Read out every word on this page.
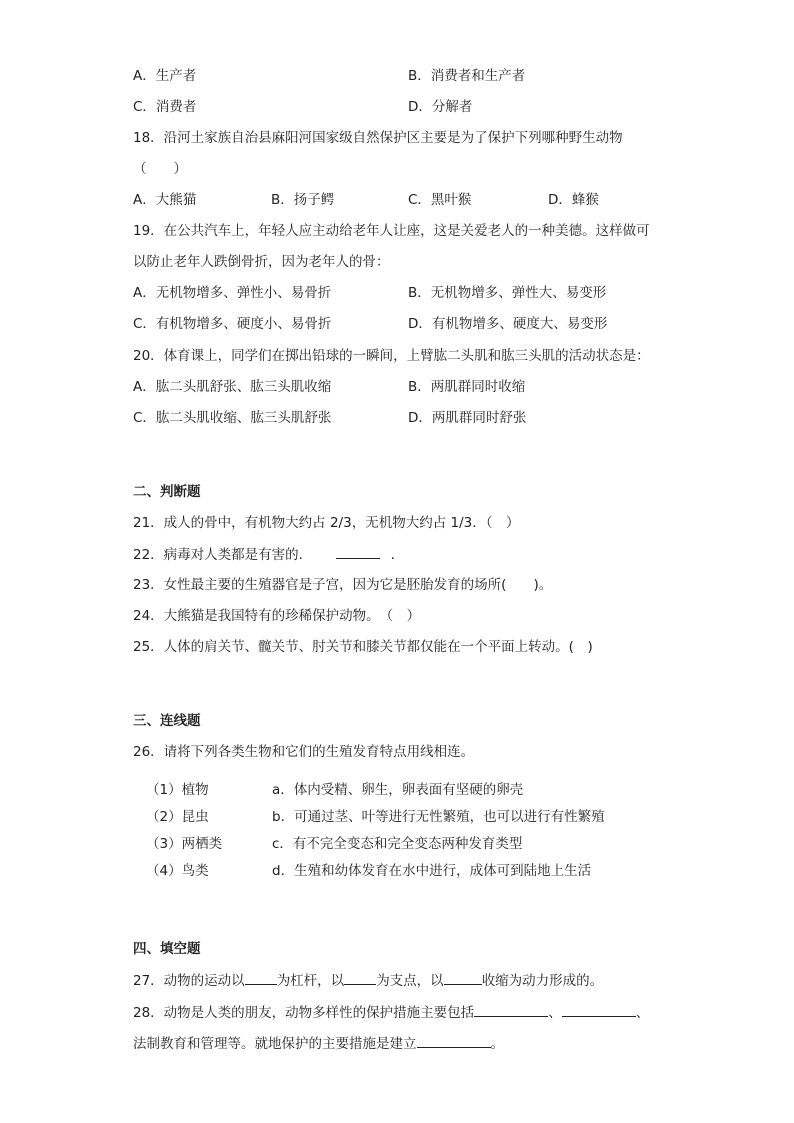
A．生产者	B．消费者和生产者
C．消费者	D．分解者
18．沿河土家族自治县麻阳河国家级自然保护区主要是为了保护下列哪种野生动物
（　　）
A．大熊猫	B．扬子鳄	C．黑叶猴	D．蜂猴
19．在公共汽车上，年轻人应主动给老年人让座，这是关爱老人的一种美德。这样做可
以防止老年人跌倒骨折，因为老年人的骨：
A．无机物增多、弹性小、易骨折	B．无机物增多、弹性大、易变形
C．有机物增多、硬度小、易骨折	D．有机物增多、硬度大、易变形
20．体育课上，同学们在掷出铅球的一瞬间，上臂肱二头肌和肱三头肌的活动状态是：
A．肱二头肌舒张、肱三头肌收缩	B．两肌群同时收缩
C．肱二头肌收缩、肱三头肌舒张	D．两肌群同时舒张
二、判断题
21．成人的骨中，有机物大约占 2/3，无机物大约占 1/3．（　）
22．病毒对人类都是有害的．	．
23．女性最主要的生殖器官是子宫，因为它是胚胎发育的场所(　　)。
24．大熊猫是我国特有的珍稀保护动物。　（　）
25．人体的肩关节、髋关节、肘关节和膝关节都仅能在一个平面上转动。(　)
三、连线题
26．请将下列各类生物和它们的生殖发育特点用线相连。
（1）植物	a．体内受精、卵生，卵表面有坚硬的卵壳
（2）昆虫	b．可通过茎、叶等进行无性繁殖，也可以进行有性繁殖
（3）两栖类	c．有不完全变态和完全变态两种发育类型
（4）鸟类	d．生殖和幼体发育在水中进行，成体可到陆地上生活
四、填空题
27．动物的运动以 为杠杆，以 为支点，以	收缩为动力形成的。
28．动物是人类的朋友，动物多样性的保护措施主要包括	、	、
法制教育和管理等。就地保护的主要措施是建立	。
